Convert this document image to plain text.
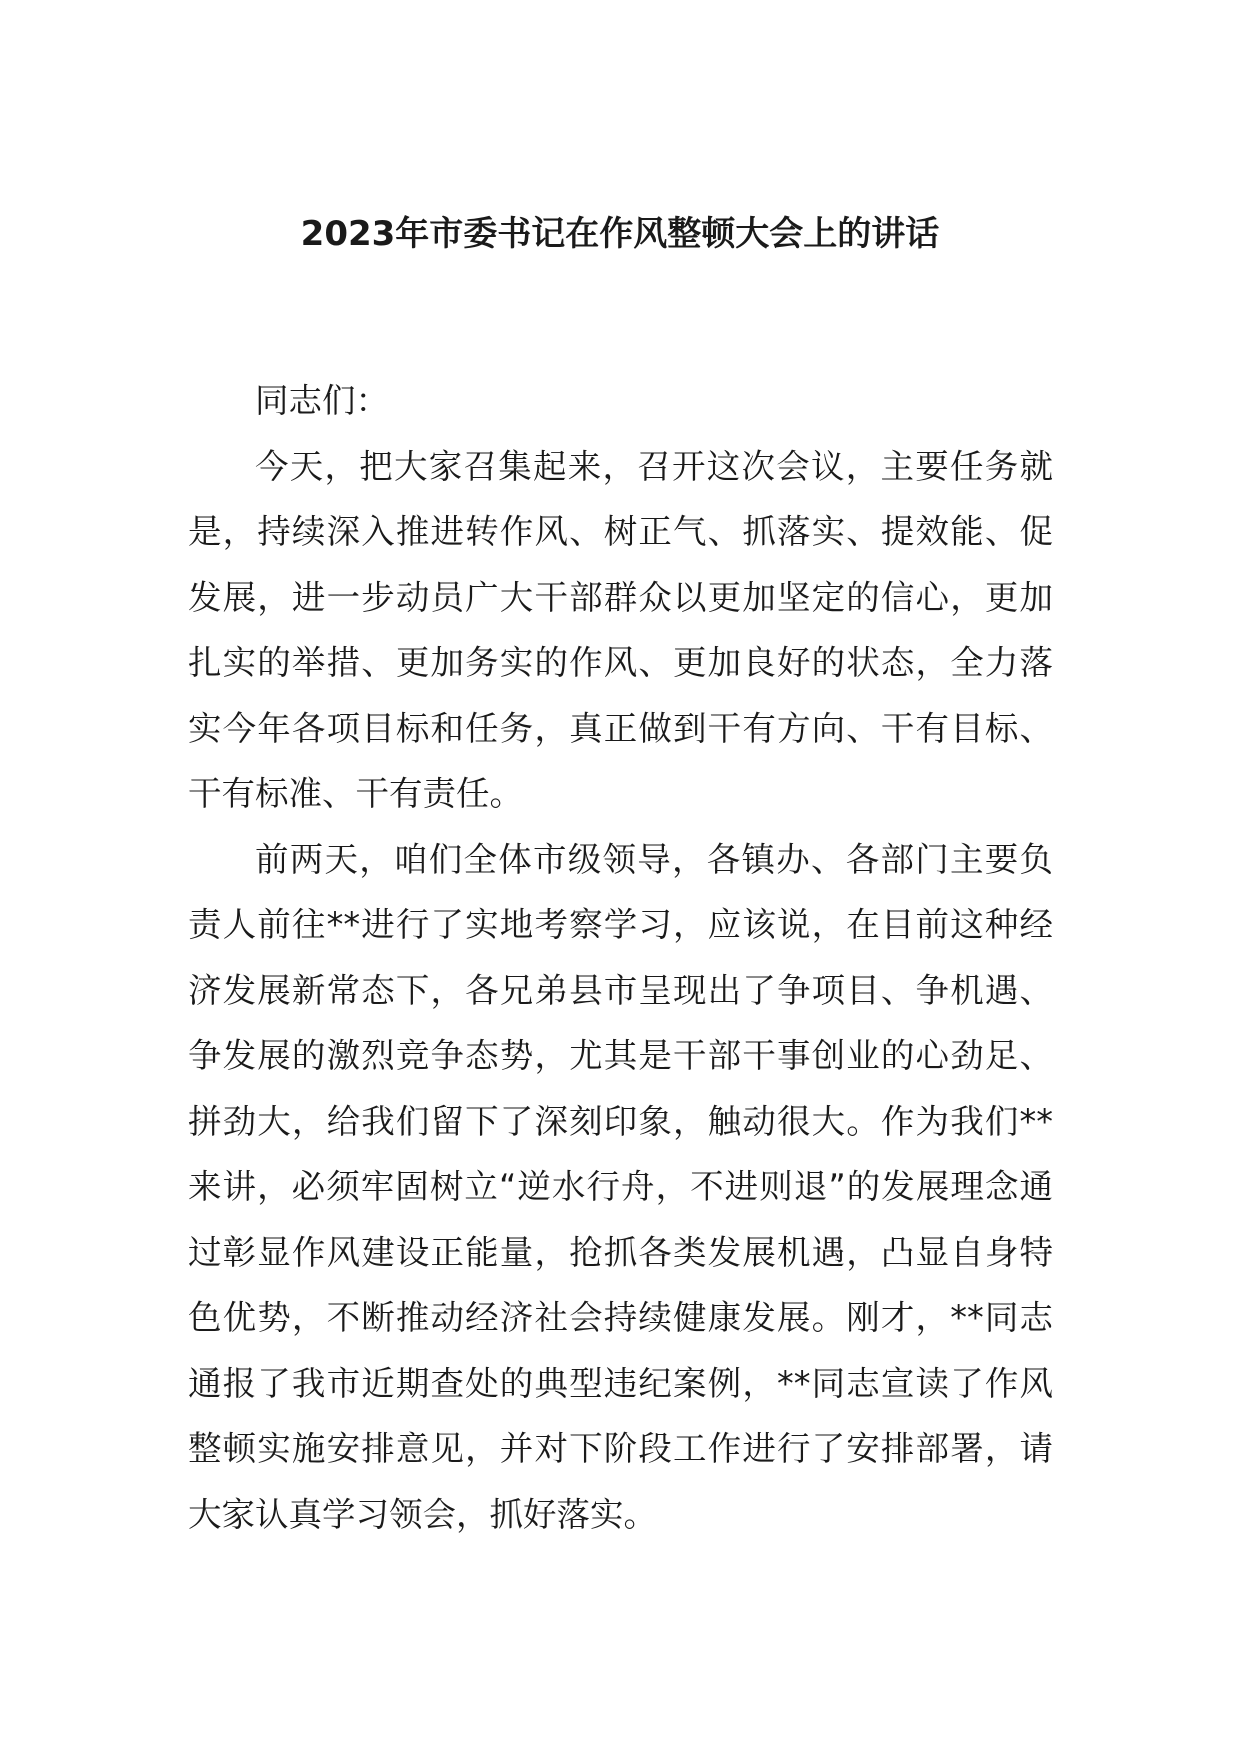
2023年市委书记在作风整顿大会上的讲话

同志们：

今天，把大家召集起来，召开这次会议，主要任务就是，持续深入推进转作风、树正气、抓落实、提效能、促发展，进一步动员广大干部群众以更加坚定的信心，更加扎实的举措、更加务实的作风、更加良好的状态，全力落实今年各项目标和任务，真正做到干有方向、干有目标、干有标准、干有责任。

前两天，咱们全体市级领导，各镇办、各部门主要负责人前往**进行了实地考察学习，应该说，在目前这种经济发展新常态下，各兄弟县市呈现出了争项目、争机遇、争发展的激烈竞争态势，尤其是干部干事创业的心劲足、拼劲大，给我们留下了深刻印象，触动很大。作为我们**来讲，必须牢固树立“逆水行舟，不进则退”的发展理念通过彰显作风建设正能量，抢抓各类发展机遇，凸显自身特色优势，不断推动经济社会持续健康发展。刚才，**同志通报了我市近期查处的典型违纪案例，**同志宣读了作风整顿实施安排意见，并对下阶段工作进行了安排部署，请大家认真学习领会，抓好落实。
